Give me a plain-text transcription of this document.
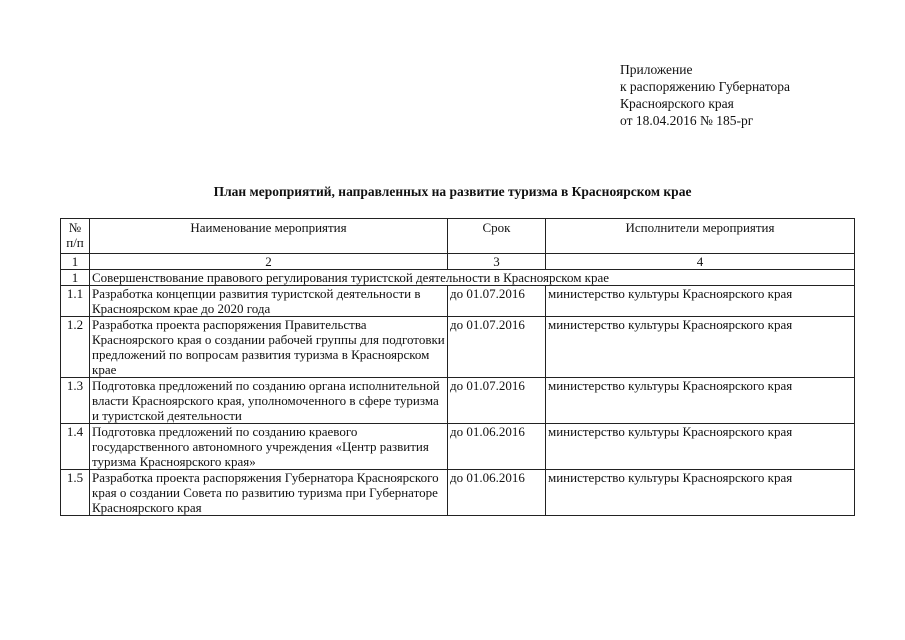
Приложение
к распоряжению Губернатора
Красноярского края
от 18.04.2016 № 185-рг
План мероприятий, направленных на развитие туризма в Красноярском крае
№
п/п	Наименование мероприятия	Срок	Исполнители мероприятия
1	2	3	4
1	Совершенствование правового регулирования туристской деятельности в Красноярском крае		
1.1	Разработка концепции развития туристской деятельности в Красноярском крае до 2020 года	до 01.07.2016	министерство культуры Красноярского края
1.2	Разработка проекта распоряжения Правительства Красноярского края о создании рабочей группы для подготовки предложений по вопросам развития туризма в Красноярском крае	до 01.07.2016	министерство культуры Красноярского края
1.3	Подготовка предложений по созданию органа исполнительной власти Красноярского края, уполномоченного в сфере туризма и туристской деятельности	до 01.07.2016	министерство культуры Красноярского края
1.4	Подготовка предложений по созданию краевого государственного автономного учреждения «Центр развития туризма Красноярского края»	до 01.06.2016	министерство культуры Красноярского края
1.5	Разработка проекта распоряжения Губернатора Красноярского края о создании Совета по развитию туризма при Губернаторе Красноярского края	до 01.06.2016	министерство культуры Красноярского края
